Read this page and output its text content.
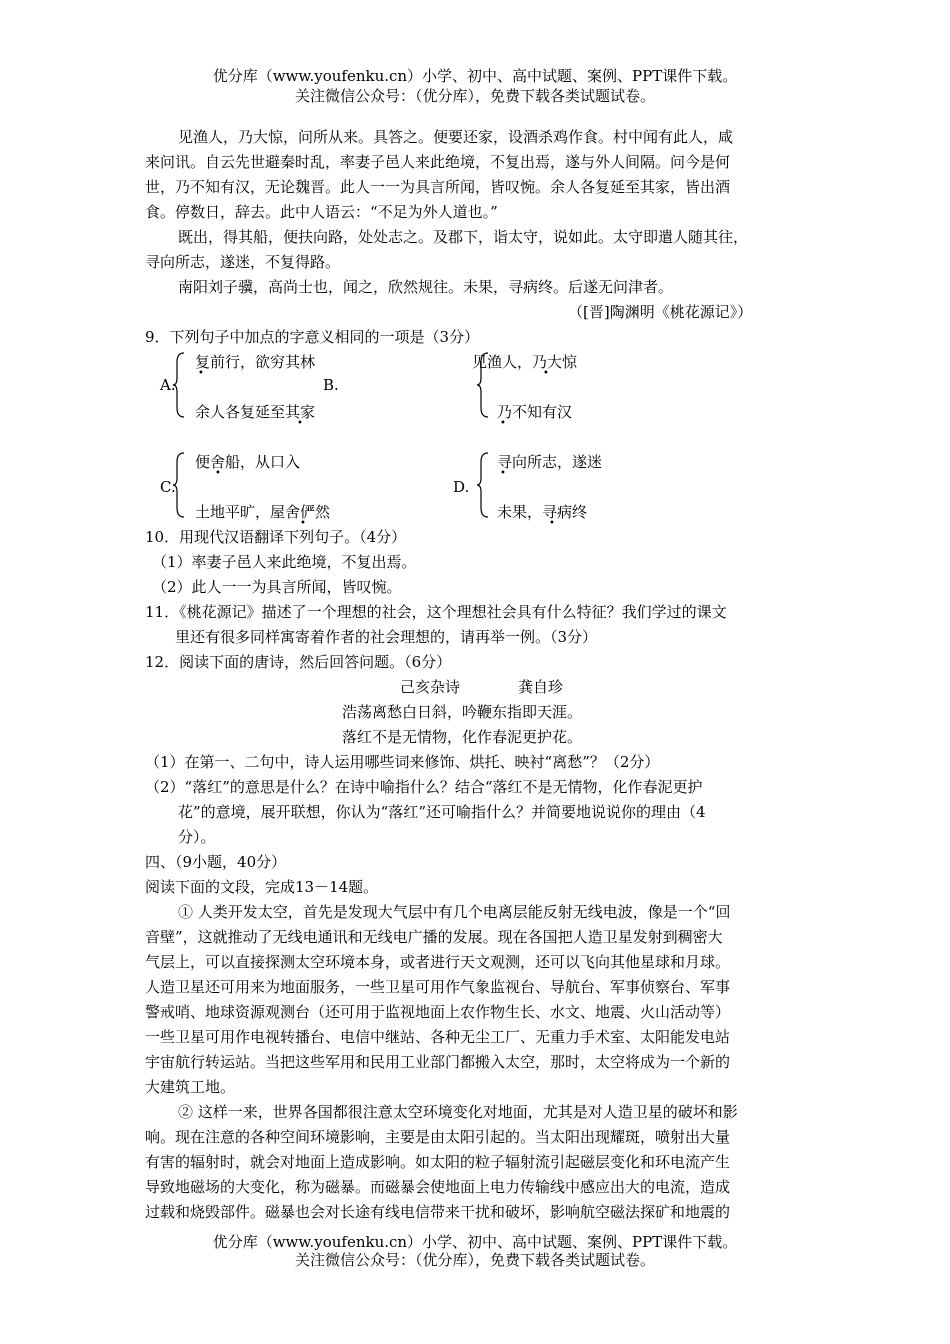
优分库（www.youfenku.cn）小学、初中、高中试题、案例、PPT课件下载。
关注微信公众号：（优分库），免费下载各类试题试卷。
见渔人，乃大惊，问所从来。具答之。便要还家，设酒杀鸡作食。村中闻有此人，咸
来问讯。自云先世避秦时乱，率妻子邑人来此绝境，不复出焉，遂与外人间隔。问今是何
世，乃不知有汉，无论魏晋。此人一一为具言所闻，皆叹惋。余人各复延至其家，皆出酒
食。停数日，辞去。此中人语云：“不足为外人道也。”
既出，得其船，便扶向路，处处志之。及郡下，诣太守，说如此。太守即遣人随其往，
寻向所志，遂迷，不复得路。
南阳刘子骥，高尚士也，闻之，欣然规往。未果，寻病终。后遂无问津者。
（[晋]陶渊明《桃花源记》）
9．下列句子中加点的字意义相同的一项是（3分）
复前行，欲穷其林
•
A.
余人各复延至其家
•
B.
见渔人，乃大惊
•
乃不知有汉
•
便舍船，从口入
•
C.
土地平旷，屋舍俨然
•
D.
寻向所志，遂迷
•
未果，寻病终
•
10．用现代汉语翻译下列句子。（4分）
（1）率妻子邑人来此绝境，不复出焉。
（2）此人一一为具言所闻，皆叹惋。
11．《桃花源记》描述了一个理想的社会，这个理想社会具有什么特征？我们学过的课文
里还有很多同样寓寄着作者的社会理想的，请再举一例。（3分）
12．阅读下面的唐诗，然后回答问题。（6分）
己亥杂诗	龚自珍
浩荡离愁白日斜，吟鞭东指即天涯。
落红不是无情物，化作春泥更护花。
（1）在第一、二句中，诗人运用哪些词来修饰、烘托、映衬“离愁”？（2分）
（2）“落红”的意思是什么？在诗中喻指什么？结合“落红不是无情物，化作春泥更护
花”的意境，展开联想，你认为“落红”还可喻指什么？并简要地说说你的理由（4
分）。
四、（9小题，40分）
阅读下面的文段，完成13－14题。
① 人类开发太空，首先是发现大气层中有几个电离层能反射无线电波，像是一个“回
音壁”，这就推动了无线电通讯和无线电广播的发展。现在各国把人造卫星发射到稠密大
气层上，可以直接探测太空环境本身，或者进行天文观测，还可以飞向其他星球和月球。
人造卫星还可用来为地面服务，一些卫星可用作气象监视台、导航台、军事侦察台、军事
警戒哨、地球资源观测台（还可用于监视地面上农作物生长、水文、地震、火山活动等）
一些卫星可用作电视转播台、电信中继站、各种无尘工厂、无重力手术室、太阳能发电站
宇宙航行转运站。当把这些军用和民用工业部门都搬入太空，那时，太空将成为一个新的
大建筑工地。
② 这样一来，世界各国都很注意太空环境变化对地面，尤其是对人造卫星的破坏和影
响。现在注意的各种空间环境影响，主要是由太阳引起的。当太阳出现耀斑，喷射出大量
有害的辐射时，就会对地面上造成影响。如太阳的粒子辐射流引起磁层变化和环电流产生
导致地磁场的大变化，称为磁暴。而磁暴会使地面上电力传输线中感应出大的电流，造成
过载和烧毁部件。磁暴也会对长途有线电信带来干扰和破坏，影响航空磁法探矿和地震的
优分库（www.youfenku.cn）小学、初中、高中试题、案例、PPT课件下载。
关注微信公众号：（优分库），免费下载各类试题试卷。
